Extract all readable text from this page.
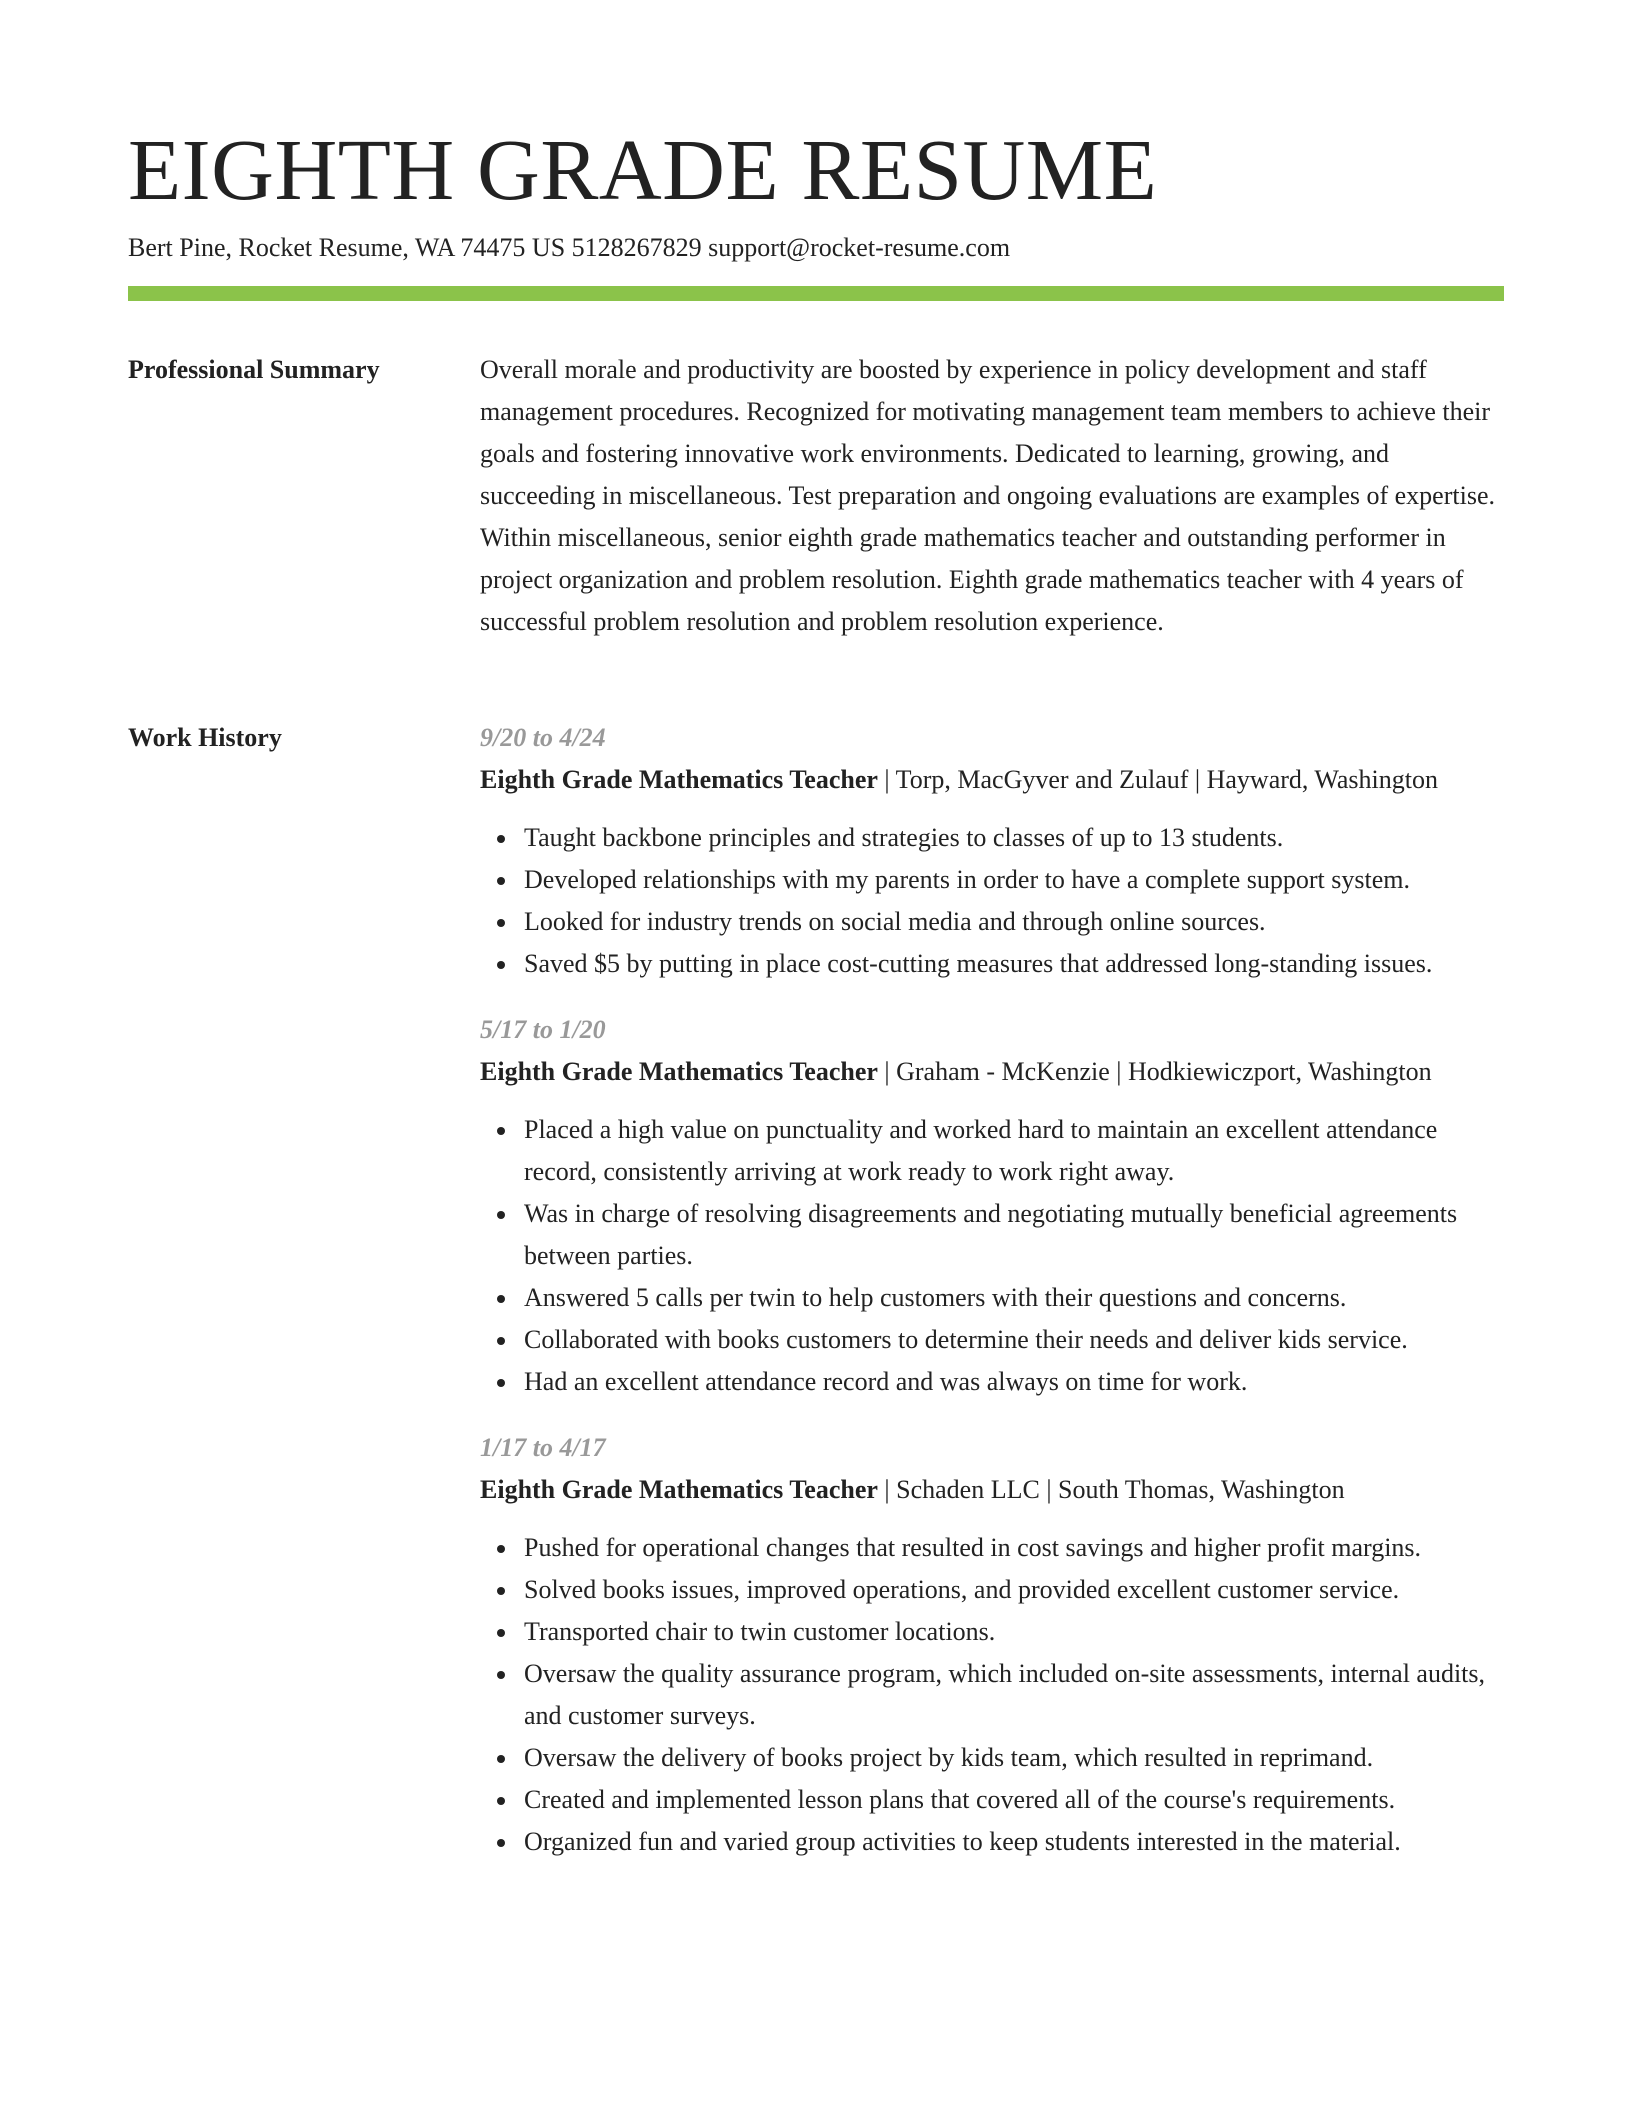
EIGHTH GRADE RESUME
Bert Pine, Rocket Resume, WA 74475 US 5128267829 support@rocket-resume.com
Professional Summary	Overall morale and productivity are boosted by experience in policy development and staff management procedures. Recognized for motivating management team members to achieve their goals and fostering innovative work environments. Dedicated to learning, growing, and succeeding in miscellaneous. Test preparation and ongoing evaluations are examples of expertise. Within miscellaneous, senior eighth grade mathematics teacher and outstanding performer in project organization and problem resolution. Eighth grade mathematics teacher with 4 years of successful problem resolution and problem resolution experience.

Work History	9/20 to 4/24

Eighth Grade Mathematics Teacher | Torp, MacGyver and Zulauf | Hayward, Washington

Taught backbone principles and strategies to classes of up to 13 students.
Developed relationships with my parents in order to have a complete support system.
Looked for industry trends on social media and through online sources.
Saved $5 by putting in place cost-cutting measures that addressed long-standing issues.
5/17 to 1/20

Eighth Grade Mathematics Teacher | Graham - McKenzie | Hodkiewiczport, Washington

Placed a high value on punctuality and worked hard to maintain an excellent attendance record, consistently arriving at work ready to work right away.
Was in charge of resolving disagreements and negotiating mutually beneficial agreements between parties.
Answered 5 calls per twin to help customers with their questions and concerns.
Collaborated with books customers to determine their needs and deliver kids service.
Had an excellent attendance record and was always on time for work.
1/17 to 4/17

Eighth Grade Mathematics Teacher | Schaden LLC | South Thomas, Washington

Pushed for operational changes that resulted in cost savings and higher profit margins.
Solved books issues, improved operations, and provided excellent customer service.
Transported chair to twin customer locations.
Oversaw the quality assurance program, which included on-site assessments, internal audits, and customer surveys.
Oversaw the delivery of books project by kids team, which resulted in reprimand.
Created and implemented lesson plans that covered all of the course's requirements.
Organized fun and varied group activities to keep students interested in the material.
